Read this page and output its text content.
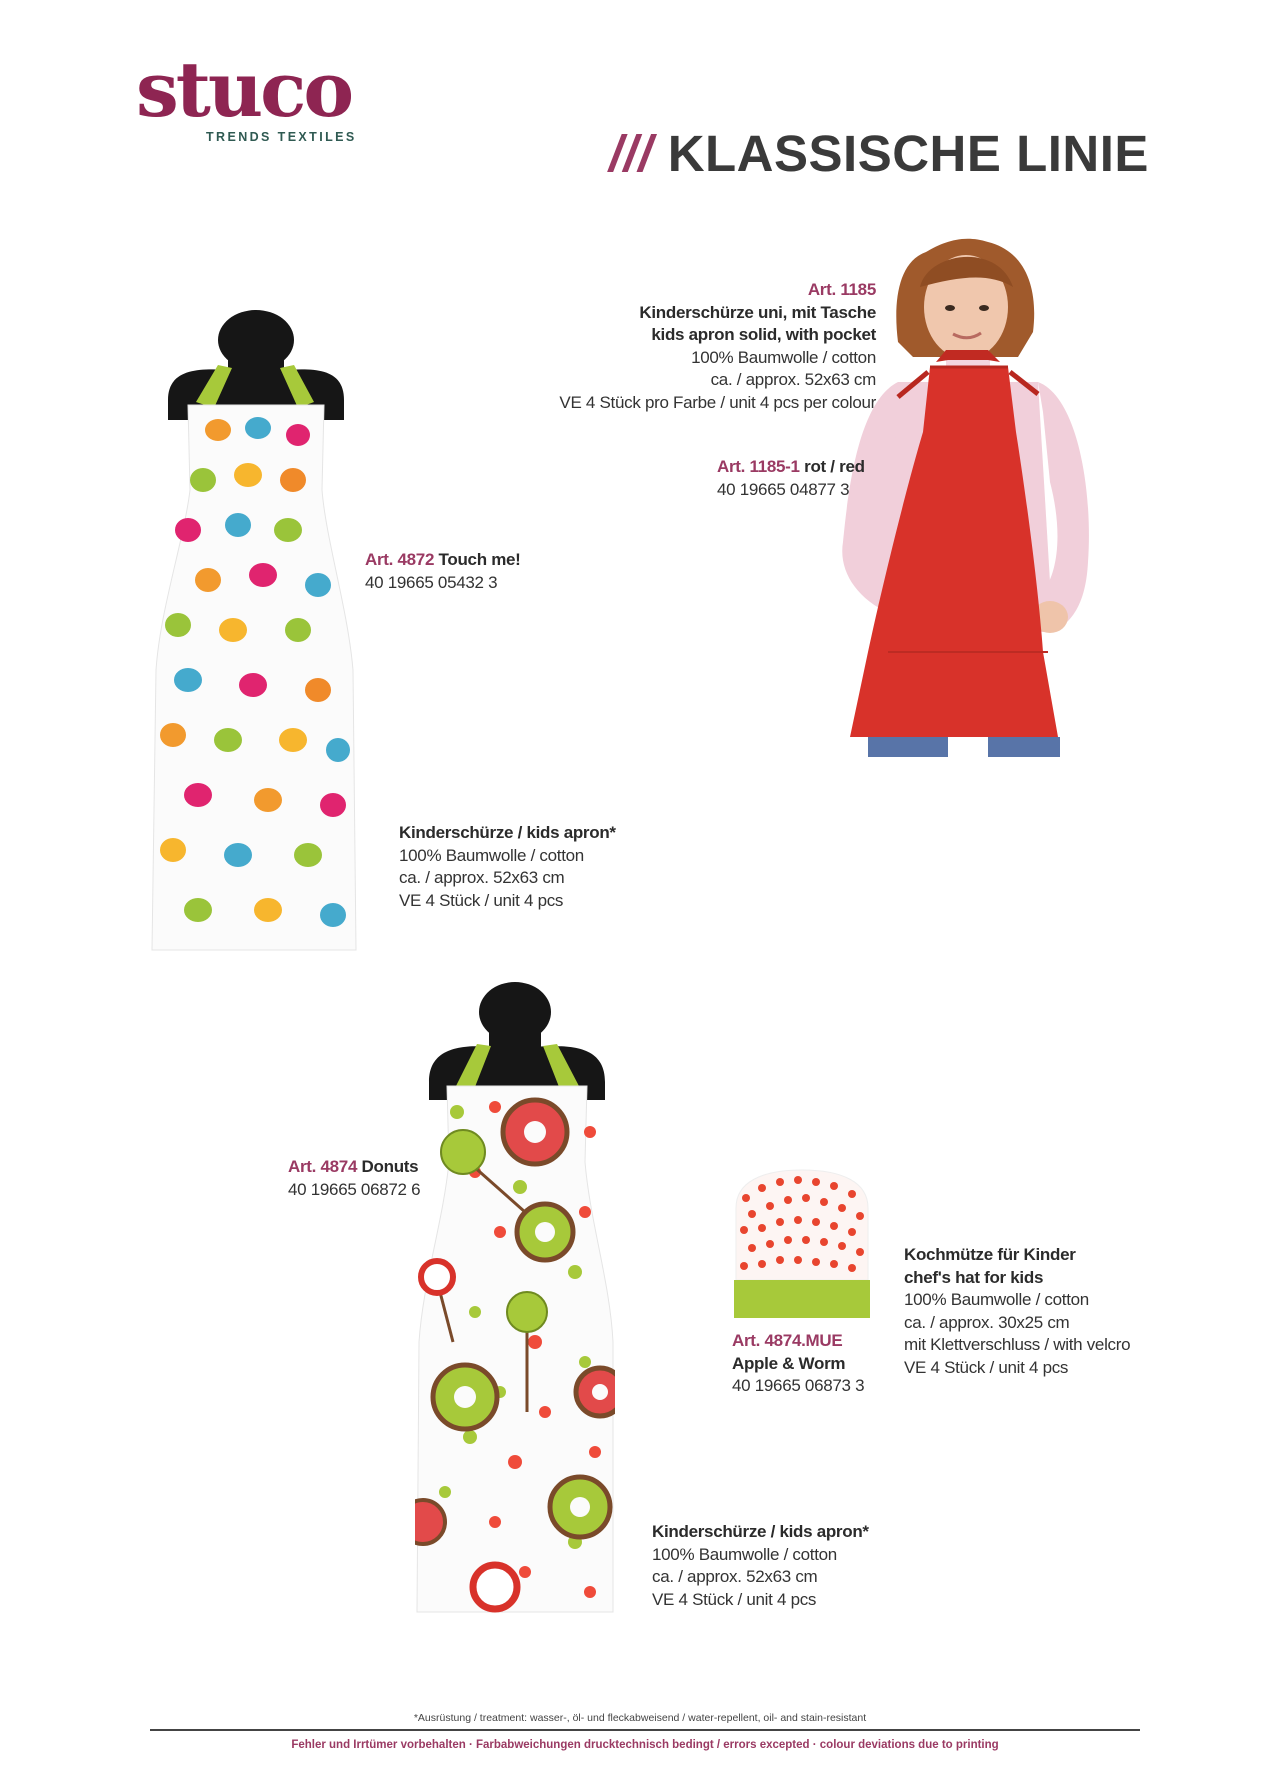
stuco
TRENDS TEXTILES	/// KLASSISCHE LINIE
Art. 1185
Kinderschürze uni, mit Tasche
kids apron solid, with pocket
100% Baumwolle / cotton
ca. / approx. 52x63 cm
VE 4 Stück pro Farbe / unit 4 pcs per colour
Art. 1185-1 rot / red
40 19665 04877 3
Art. 4872 Touch me!
40 19665 05432 3
Kinderschürze / kids apron*
100% Baumwolle / cotton
ca. / approx. 52x63 cm
VE 4 Stück / unit 4 pcs
Art. 4874 Donuts
40 19665 06872 6
Kinderschürze / kids apron*
100% Baumwolle / cotton
ca. / approx. 52x63 cm
VE 4 Stück / unit 4 pcs
Art. 4874.MUE
Apple & Worm
40 19665 06873 3
Kochmütze für Kinder
chef's hat for kids
100% Baumwolle / cotton
ca. / approx. 30x25 cm
mit Klettverschluss / with velcro
VE 4 Stück / unit 4 pcs
*Ausrüstung / treatment: wasser-, öl- und fleckabweisend / water-repellent, oil- and stain-resistant
Fehler und Irrtümer vorbehalten · Farbabweichungen drucktechnisch bedingt / errors excepted · colour deviations due to printing
